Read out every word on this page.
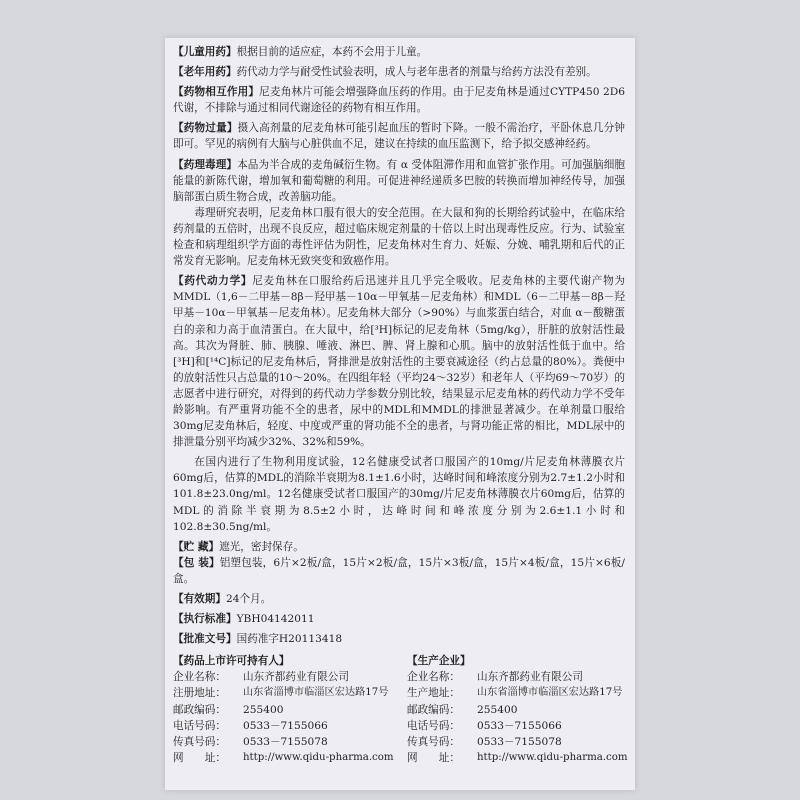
【儿童用药】根据目前的适应症，本药不会用于儿童。

【老年用药】药代动力学与耐受性试验表明，成人与老年患者的剂量与给药方法没有差别。

【药物相互作用】尼麦角林片可能会增强降血压药的作用。由于尼麦角林是通过CYTP450 2D6代谢，不排除与通过相同代谢途径的药物有相互作用。

【药物过量】摄入高剂量的尼麦角林可能引起血压的暂时下降。一般不需治疗，平卧休息几分钟即可。罕见的病例有大脑与心脏供血不足，建议在持续的血压监测下，给予拟交感神经药。

【药理毒理】本品为半合成的麦角碱衍生物。有 α 受体阻滞作用和血管扩张作用。可加强脑细胞能量的新陈代谢，增加氧和葡萄糖的利用。可促进神经递质多巴胺的转换而增加神经传导，加强脑部蛋白质生物合成，改善脑功能。

毒理研究表明，尼麦角林口服有很大的安全范围。在大鼠和狗的长期给药试验中，在临床给药剂量的五倍时，出现不良反应，超过临床规定剂量的十倍以上时出现毒性反应。行为、试验室检查和病理组织学方面的毒性评估为阴性，尼麦角林对生育力、妊娠、分娩、哺乳期和后代的正常发育无影响。尼麦角林无致突变和致癌作用。

【药代动力学】尼麦角林在口服给药后迅速并且几乎完全吸收。尼麦角林的主要代谢产物为MMDL（1,6－二甲基－8β－羟甲基－10α－甲氧基－尼麦角林）和MDL（6－二甲基－8β－羟甲基－10α－甲氧基－尼麦角林）。尼麦角林大部分（>90%）与血浆蛋白结合，对血 α－酸糖蛋白的亲和力高于血清蛋白。在大鼠中，给[³H]标记的尼麦角林（5mg/kg），肝脏的放射活性最高。其次为肾脏、肺、胰腺、唾液、淋巴、脾、肾上腺和心肌。脑中的放射活性低于血中。给[³H]和[¹⁴C]标记的尼麦角林后，肾排泄是放射活性的主要衰减途径（约占总量的80%）。粪便中的放射活性只占总量的10～20%。在四组年轻（平均24～32岁）和老年人（平均69～70岁）的志愿者中进行研究，对得到的药代动力学参数分别比较，结果显示尼麦角林的药代动力学不受年龄影响。有严重肾功能不全的患者，尿中的MDL和MMDL的排泄显著减少。在单剂量口服给30mg尼麦角林后，轻度、中度或严重的肾功能不全的患者，与肾功能正常的相比，MDL尿中的排泄量分别平均减少32%、32%和59%。

在国内进行了生物利用度试验，12名健康受试者口服国产的10mg/片尼麦角林薄膜衣片60mg后，估算的MDL的消除半衰期为8.1±1.6小时，达峰时间和峰浓度分别为2.7±1.2小时和101.8±23.0ng/ml。12名健康受试者口服国产的30mg/片尼麦角林薄膜衣片60mg后，估算的MDL的消除半衰期为8.5±2小时，达峰时间和峰浓度分别为2.6±1.1小时和102.8±30.5ng/ml。

【贮 藏】遮光，密封保存。

【包 装】铝塑包装，6片×2板/盒，15片×2板/盒，15片×3板/盒，15片×4板/盒，15片×6板/盒。

【有效期】24个月。

【执行标准】YBH04142011

【批准文号】国药准字H20113418

【药品上市许可持有人】
企业名称：	山东齐都药业有限公司
注册地址：	山东省淄博市临淄区宏达路17号
邮政编码：	255400
电话号码：	0533－7155066
传真号码：	0533－7155078
网　　址：	http://www.qidu-pharma.com
【生产企业】
企业名称：	山东齐都药业有限公司
生产地址：	山东省淄博市临淄区宏达路17号
邮政编码：	255400
电话号码：	0533－7155066
传真号码：	0533－7155078
网　　址：	http://www.qidu-pharma.com
